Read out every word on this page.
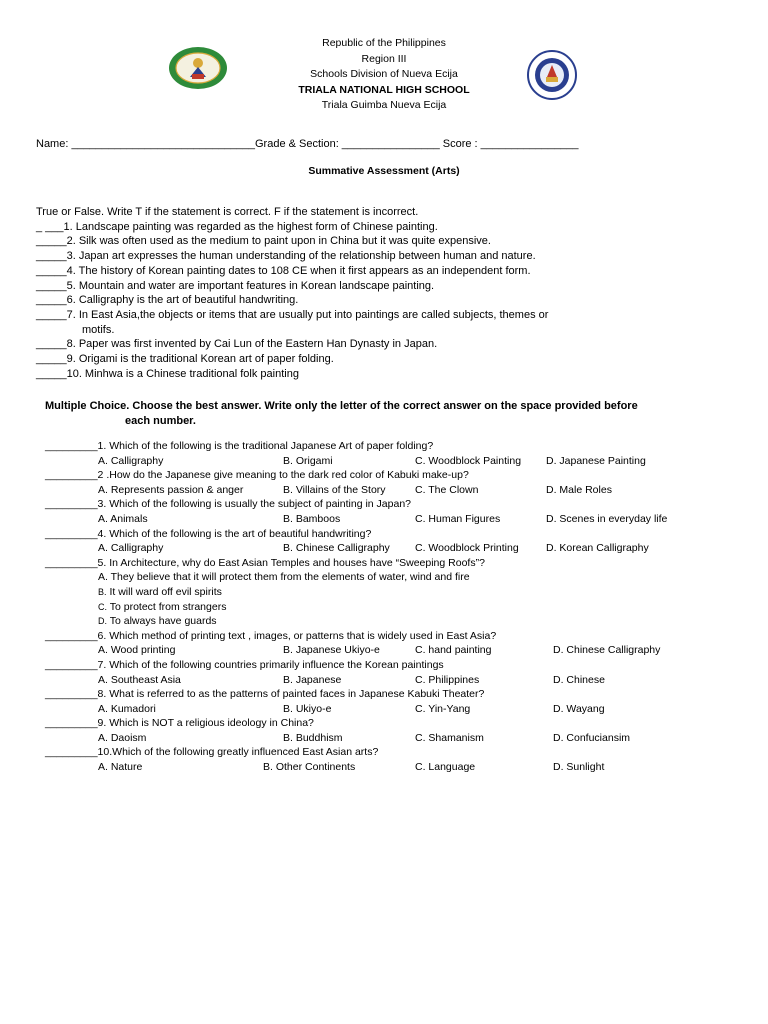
Republic of the Philippines
Region III
Schools Division of Nueva Ecija
TRIALA NATIONAL HIGH SCHOOL
Triala Guimba Nueva Ecija
Name: ______________________________Grade & Section: ________________ Score : ________________
Summative Assessment (Arts)
True or False. Write T if the statement is correct. F if the statement is incorrect.
_ ___1. Landscape painting was regarded as the highest form of Chinese painting.
_____2. Silk was often used as the medium to paint upon in China but it was quite expensive.
_____3. Japan art expresses the human understanding of the relationship between human and nature.
_____4. The history of Korean painting dates to 108 CE when it first appears as an independent form.
_____5. Mountain and water are important features in Korean landscape painting.
_____6. Calligraphy is the art of beautiful handwriting.
_____7. In East Asia,the objects or items that are usually put into paintings are called subjects, themes or
motifs.
_____8. Paper was first invented by Cai Lun of the Eastern Han Dynasty in Japan.
_____9. Origami is the traditional Korean art of paper folding.
_____10. Minhwa is a Chinese traditional folk painting
Multiple Choice. Choose the best answer. Write only the letter of the correct answer on the space provided before
each number.
_________1. Which of the following is the traditional Japanese Art of paper folding?
A. Calligraphy	B. Origami	C. Woodblock Painting D. Japanese Painting
_________2 .How do the Japanese give meaning to the dark red color of Kabuki make-up?
A. Represents passion & anger	B. Villains of the Story	C. The Clown	D. Male Roles
_________3. Which of the following is usually the subject of painting in Japan?
A. Animals	B. Bamboos	C. Human Figures	D. Scenes in everyday life
_________4. Which of the following is the art of beautiful handwriting?
A. Calligraphy	B. Chinese Calligraphy C. Woodblock Printing	D. Korean Calligraphy
_________5. In Architecture, why do East Asian Temples and houses have “Sweeping Roofs”?
A. They believe that it will protect them from the elements of water, wind and fire
B. It will ward off evil spirits
C. To protect from strangers
D. To always have guards
_________6. Which method of printing text , images, or patterns that is widely used in East Asia?
A. Wood printing	B. Japanese Ukiyo-e	C. hand painting	D. Chinese Calligraphy
_________7. Which of the following countries primarily influence the Korean paintings
A. Southeast Asia	B. Japanese	C. Philippines	D. Chinese
_________8. What is referred to as the patterns of painted faces in Japanese Kabuki Theater?
A. Kumadori	B. Ukiyo-e	C. Yin-Yang	D. Wayang
_________9. Which is NOT a religious ideology in China?
A. Daoism	B. Buddhism	C. Shamanism	D. Confuciansim
_________10.Which of the following greatly influenced East Asian arts?
A. Nature	B. Other Continents	C. Language	D. Sunlight
